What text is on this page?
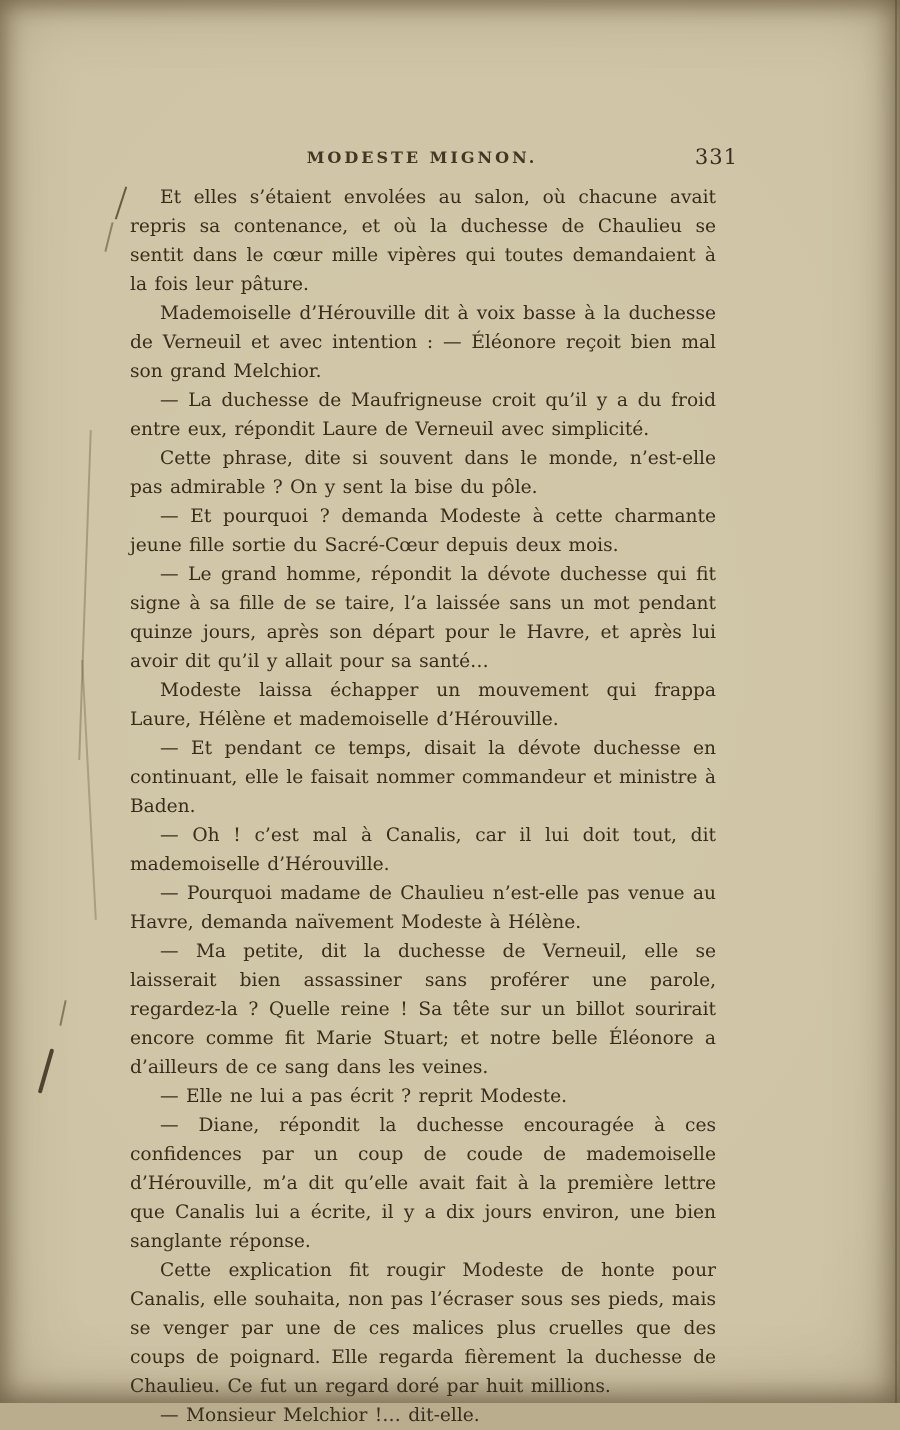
MODESTE MIGNON.	331

Et elles s’étaient envolées au salon, où chacune avait repris sa contenance, et où la duchesse de Chaulieu se sentit dans le cœur mille vipères qui toutes demandaient à la fois leur pâture.

Mademoiselle d’Hérouville dit à voix basse à la duchesse de Verneuil et avec intention : — Éléonore reçoit bien mal son grand Melchior.

— La duchesse de Maufrigneuse croit qu’il y a du froid entre eux, répondit Laure de Verneuil avec simplicité.

Cette phrase, dite si souvent dans le monde, n’est-elle pas admirable ? On y sent la bise du pôle.

— Et pourquoi ? demanda Modeste à cette charmante jeune fille sortie du Sacré-Cœur depuis deux mois.

— Le grand homme, répondit la dévote duchesse qui fit signe à sa fille de se taire, l’a laissée sans un mot pendant quinze jours, après son départ pour le Havre, et après lui avoir dit qu’il y allait pour sa santé…

Modeste laissa échapper un mouvement qui frappa Laure, Hélène et mademoiselle d’Hérouville.

— Et pendant ce temps, disait la dévote duchesse en continuant, elle le faisait nommer commandeur et ministre à Baden.

— Oh ! c’est mal à Canalis, car il lui doit tout, dit mademoiselle d’Hérouville.

— Pourquoi madame de Chaulieu n’est-elle pas venue au Havre, demanda naïvement Modeste à Hélène.

— Ma petite, dit la duchesse de Verneuil, elle se laisserait bien assassiner sans proférer une parole, regardez-la ? Quelle reine ! Sa tête sur un billot sourirait encore comme fit Marie Stuart; et notre belle Éléonore a d’ailleurs de ce sang dans les veines.

— Elle ne lui a pas écrit ? reprit Modeste.

— Diane, répondit la duchesse encouragée à ces confidences par un coup de coude de mademoiselle d’Hérouville, m’a dit qu’elle avait fait à la première lettre que Canalis lui a écrite, il y a dix jours environ, une bien sanglante réponse.

Cette explication fit rougir Modeste de honte pour Canalis, elle souhaita, non pas l’écraser sous ses pieds, mais se venger par une de ces malices plus cruelles que des coups de poignard. Elle regarda fièrement la duchesse de Chaulieu. Ce fut un regard doré par huit millions.

— Monsieur Melchior !… dit-elle.
